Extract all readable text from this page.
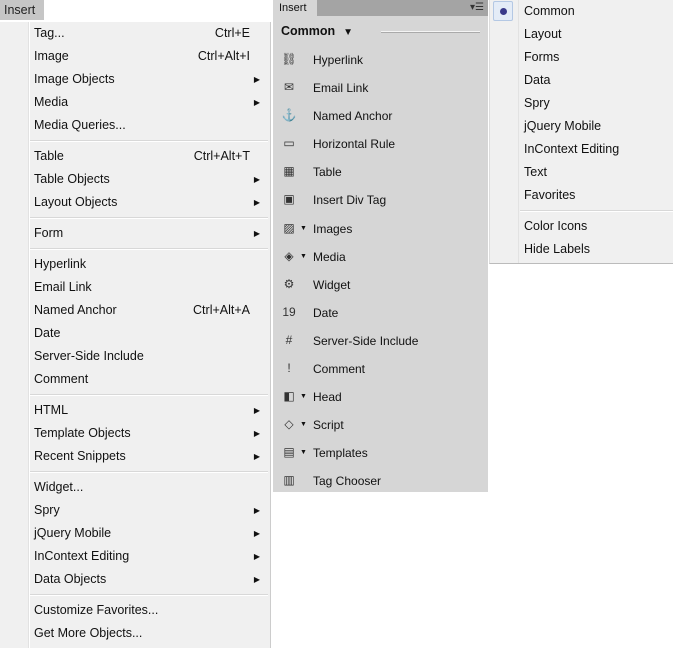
Insert
Tag...	Ctrl+E
Image	Ctrl+Alt+I
Image Objects	▶
Media	▶
Media Queries...
Table	Ctrl+Alt+T
Table Objects	▶
Layout Objects	▶
Form	▶
Hyperlink
Email Link
Named Anchor	Ctrl+Alt+A
Date
Server-Side Include
Comment
HTML	▶
Template Objects	▶
Recent Snippets	▶
Widget...
Spry	▶
jQuery Mobile	▶
InContext Editing	▶
Data Objects	▶
Customize Favorites...
Get More Objects...
Insert	▾☰
Common ▼
⛓ Hyperlink
✉ Email Link
⚓ Named Anchor
▭ Horizontal Rule
▦ Table
▣ Insert Div Tag
▨ ▼ Images
◈ ▼ Media
⚙ Widget
19 Date
#	Server-Side Include
!	Comment
◧ ▼ Head
◇ ▼ Script
▤ ▼ Templates
▥ Tag Chooser
Common
Layout
Forms
Data
Spry
jQuery Mobile
InContext Editing
Text
Favorites
Color Icons
Hide Labels
